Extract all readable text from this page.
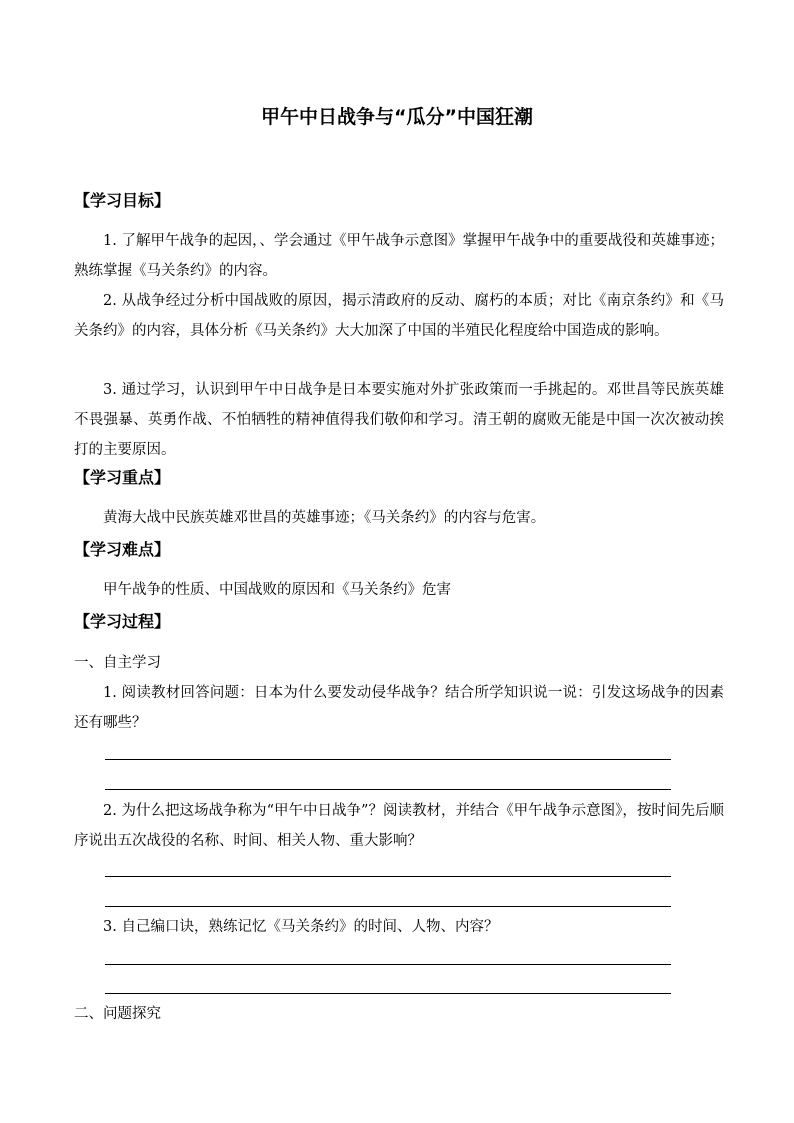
甲午中日战争与“瓜分”中国狂潮
【学习目标】
1. 了解甲午战争的起因，、学会通过《甲午战争示意图》掌握甲午战争中的重要战役和英雄事迹；熟练掌握《马关条约》的内容。
2. 从战争经过分析中国战败的原因，揭示清政府的反动、腐朽的本质；对比《南京条约》和《马关条约》的内容，具体分析《马关条约》大大加深了中国的半殖民化程度给中国造成的影响。
3. 通过学习，认识到甲午中日战争是日本要实施对外扩张政策而一手挑起的。邓世昌等民族英雄不畏强暴、英勇作战、不怕牺牲的精神值得我们敬仰和学习。清王朝的腐败无能是中国一次次被动挨打的主要原因。
【学习重点】
黄海大战中民族英雄邓世昌的英雄事迹；《马关条约》的内容与危害。
【学习难点】
甲午战争的性质、中国战败的原因和《马关条约》危害
【学习过程】
一、自主学习
1. 阅读教材回答问题：日本为什么要发动侵华战争？结合所学知识说一说：引发这场战争的因素还有哪些？
2. 为什么把这场战争称为“甲午中日战争”？阅读教材，并结合《甲午战争示意图》，按时间先后顺序说出五次战役的名称、时间、相关人物、重大影响？
3. 自己编口诀，熟练记忆《马关条约》的时间、人物、内容？
二、问题探究
